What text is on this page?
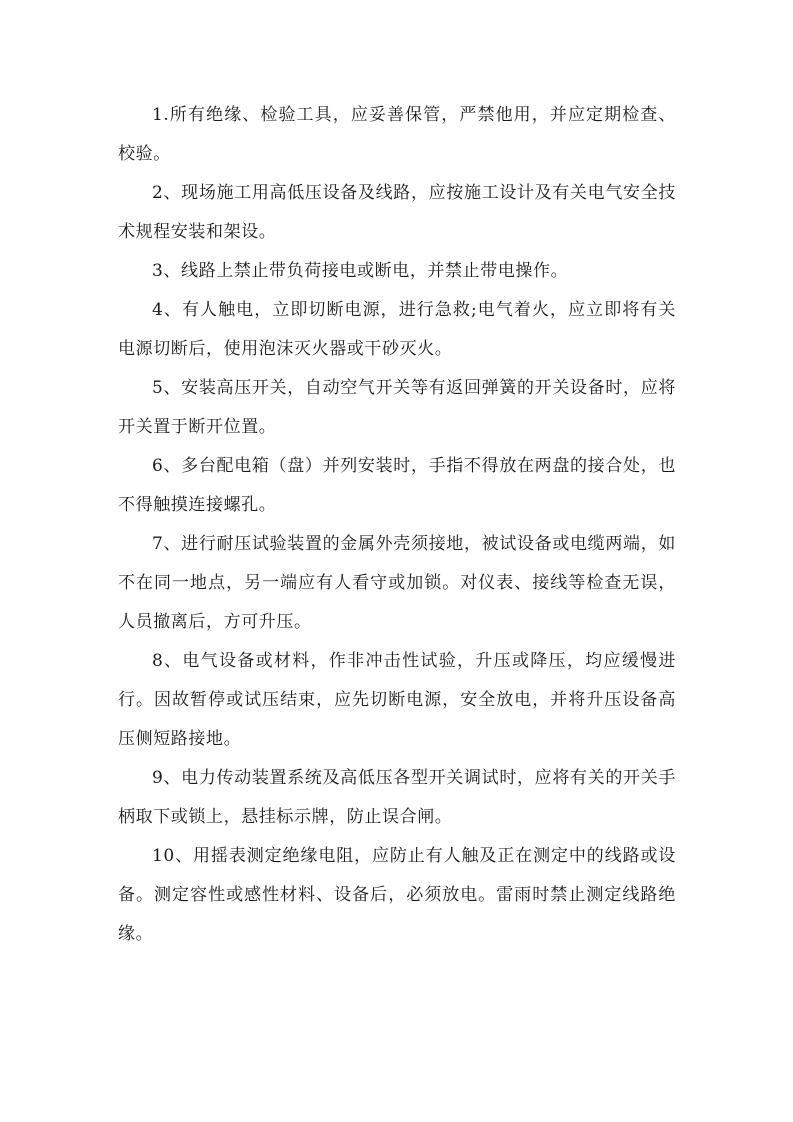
1.所有绝缘、检验工具，应妥善保管，严禁他用，并应定期检查、校验。

2、现场施工用高低压设备及线路，应按施工设计及有关电气安全技术规程安装和架设。

3、线路上禁止带负荷接电或断电，并禁止带电操作。

4、有人触电，立即切断电源，进行急救;电气着火，应立即将有关电源切断后，使用泡沫灭火器或干砂灭火。

5、安装高压开关，自动空气开关等有返回弹簧的开关设备时，应将开关置于断开位置。

6、多台配电箱（盘）并列安装时，手指不得放在两盘的接合处，也不得触摸连接螺孔。

7、进行耐压试验装置的金属外壳须接地，被试设备或电缆两端，如不在同一地点，另一端应有人看守或加锁。对仪表、接线等检查无误，人员撤离后，方可升压。

8、电气设备或材料，作非冲击性试验，升压或降压，均应缓慢进行。因故暂停或试压结束，应先切断电源，安全放电，并将升压设备高压侧短路接地。

9、电力传动装置系统及高低压各型开关调试时，应将有关的开关手柄取下或锁上，悬挂标示牌，防止误合闸。

10、用摇表测定绝缘电阻，应防止有人触及正在测定中的线路或设备。测定容性或感性材料、设备后，必须放电。雷雨时禁止测定线路绝缘。
